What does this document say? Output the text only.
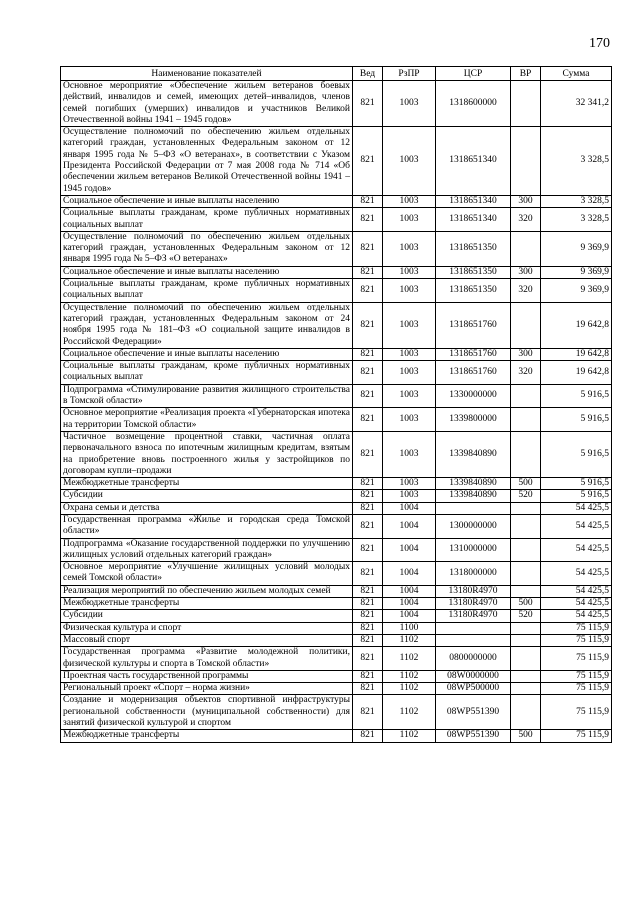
170
Наименование показателей	Вед	РзПР	ЦСР	ВР	Сумма
Основное мероприятие «Обеспечение жильем ветеранов боевых действий, инвалидов и семей, имеющих детей–инвалидов, членов семей погибших (умерших) инвалидов и участников Великой Отечественной войны 1941 – 1945 годов»	821	1003	1318600000		32 341,2
Осуществление полномочий по обеспечению жильем отдельных категорий граждан, установленных Федеральным законом от 12 января 1995 года № 5–ФЗ «О ветеранах», в соответствии с Указом Президента Российской Федерации от 7 мая 2008 года № 714 «Об обеспечении жильем ветеранов Великой Отечественной войны 1941 – 1945 годов»	821	1003	1318651340		3 328,5
Социальное обеспечение и иные выплаты населению	821	1003	1318651340	300	3 328,5
Социальные выплаты гражданам, кроме публичных нормативных социальных выплат	821	1003	1318651340	320	3 328,5
Осуществление полномочий по обеспечению жильем отдельных категорий граждан, установленных Федеральным законом от 12 января 1995 года № 5–ФЗ «О ветеранах»	821	1003	1318651350		9 369,9
Социальное обеспечение и иные выплаты населению	821	1003	1318651350	300	9 369,9
Социальные выплаты гражданам, кроме публичных нормативных социальных выплат	821	1003	1318651350	320	9 369,9
Осуществление полномочий по обеспечению жильем отдельных категорий граждан, установленных Федеральным законом от 24 ноября 1995 года № 181–ФЗ «О социальной защите инвалидов в Российской Федерации»	821	1003	1318651760		19 642,8
Социальное обеспечение и иные выплаты населению	821	1003	1318651760	300	19 642,8
Социальные выплаты гражданам, кроме публичных нормативных социальных выплат	821	1003	1318651760	320	19 642,8
Подпрограмма «Стимулирование развития жилищного строительства в Томской области»	821	1003	1330000000		5 916,5
Основное мероприятие «Реализация проекта «Губернаторская ипотека на территории Томской области»	821	1003	1339800000		5 916,5
Частичное возмещение процентной ставки, частичная оплата первоначального взноса по ипотечным жилищным кредитам, взятым на приобретение вновь построенного жилья у застройщиков по договорам купли–продажи	821	1003	1339840890		5 916,5
Межбюджетные трансферты	821	1003	1339840890	500	5 916,5
Субсидии	821	1003	1339840890	520	5 916,5
Охрана семьи и детства	821	1004			54 425,5
Государственная программа «Жилье и городская среда Томской области»	821	1004	1300000000		54 425,5
Подпрограмма «Оказание государственной поддержки по улучшению жилищных условий отдельных категорий граждан»	821	1004	1310000000		54 425,5
Основное мероприятие «Улучшение жилищных условий молодых семей Томской области»	821	1004	1318000000		54 425,5
Реализация мероприятий по обеспечению жильем молодых семей	821	1004	13180R4970		54 425,5
Межбюджетные трансферты	821	1004	13180R4970	500	54 425,5
Субсидии	821	1004	13180R4970	520	54 425,5
Физическая культура и спорт	821	1100			75 115,9
Массовый спорт	821	1102			75 115,9
Государственная программа «Развитие молодежной политики, физической культуры и спорта в Томской области»	821	1102	0800000000		75 115,9
Проектная часть государственной программы	821	1102	08W0000000		75 115,9
Региональный проект «Спорт – норма жизни»	821	1102	08WP500000		75 115,9
Создание и модернизация объектов спортивной инфраструктуры региональной собственности (муниципальной собственности) для занятий физической культурой и спортом	821	1102	08WP551390		75 115,9
Межбюджетные трансферты	821	1102	08WP551390	500	75 115,9
